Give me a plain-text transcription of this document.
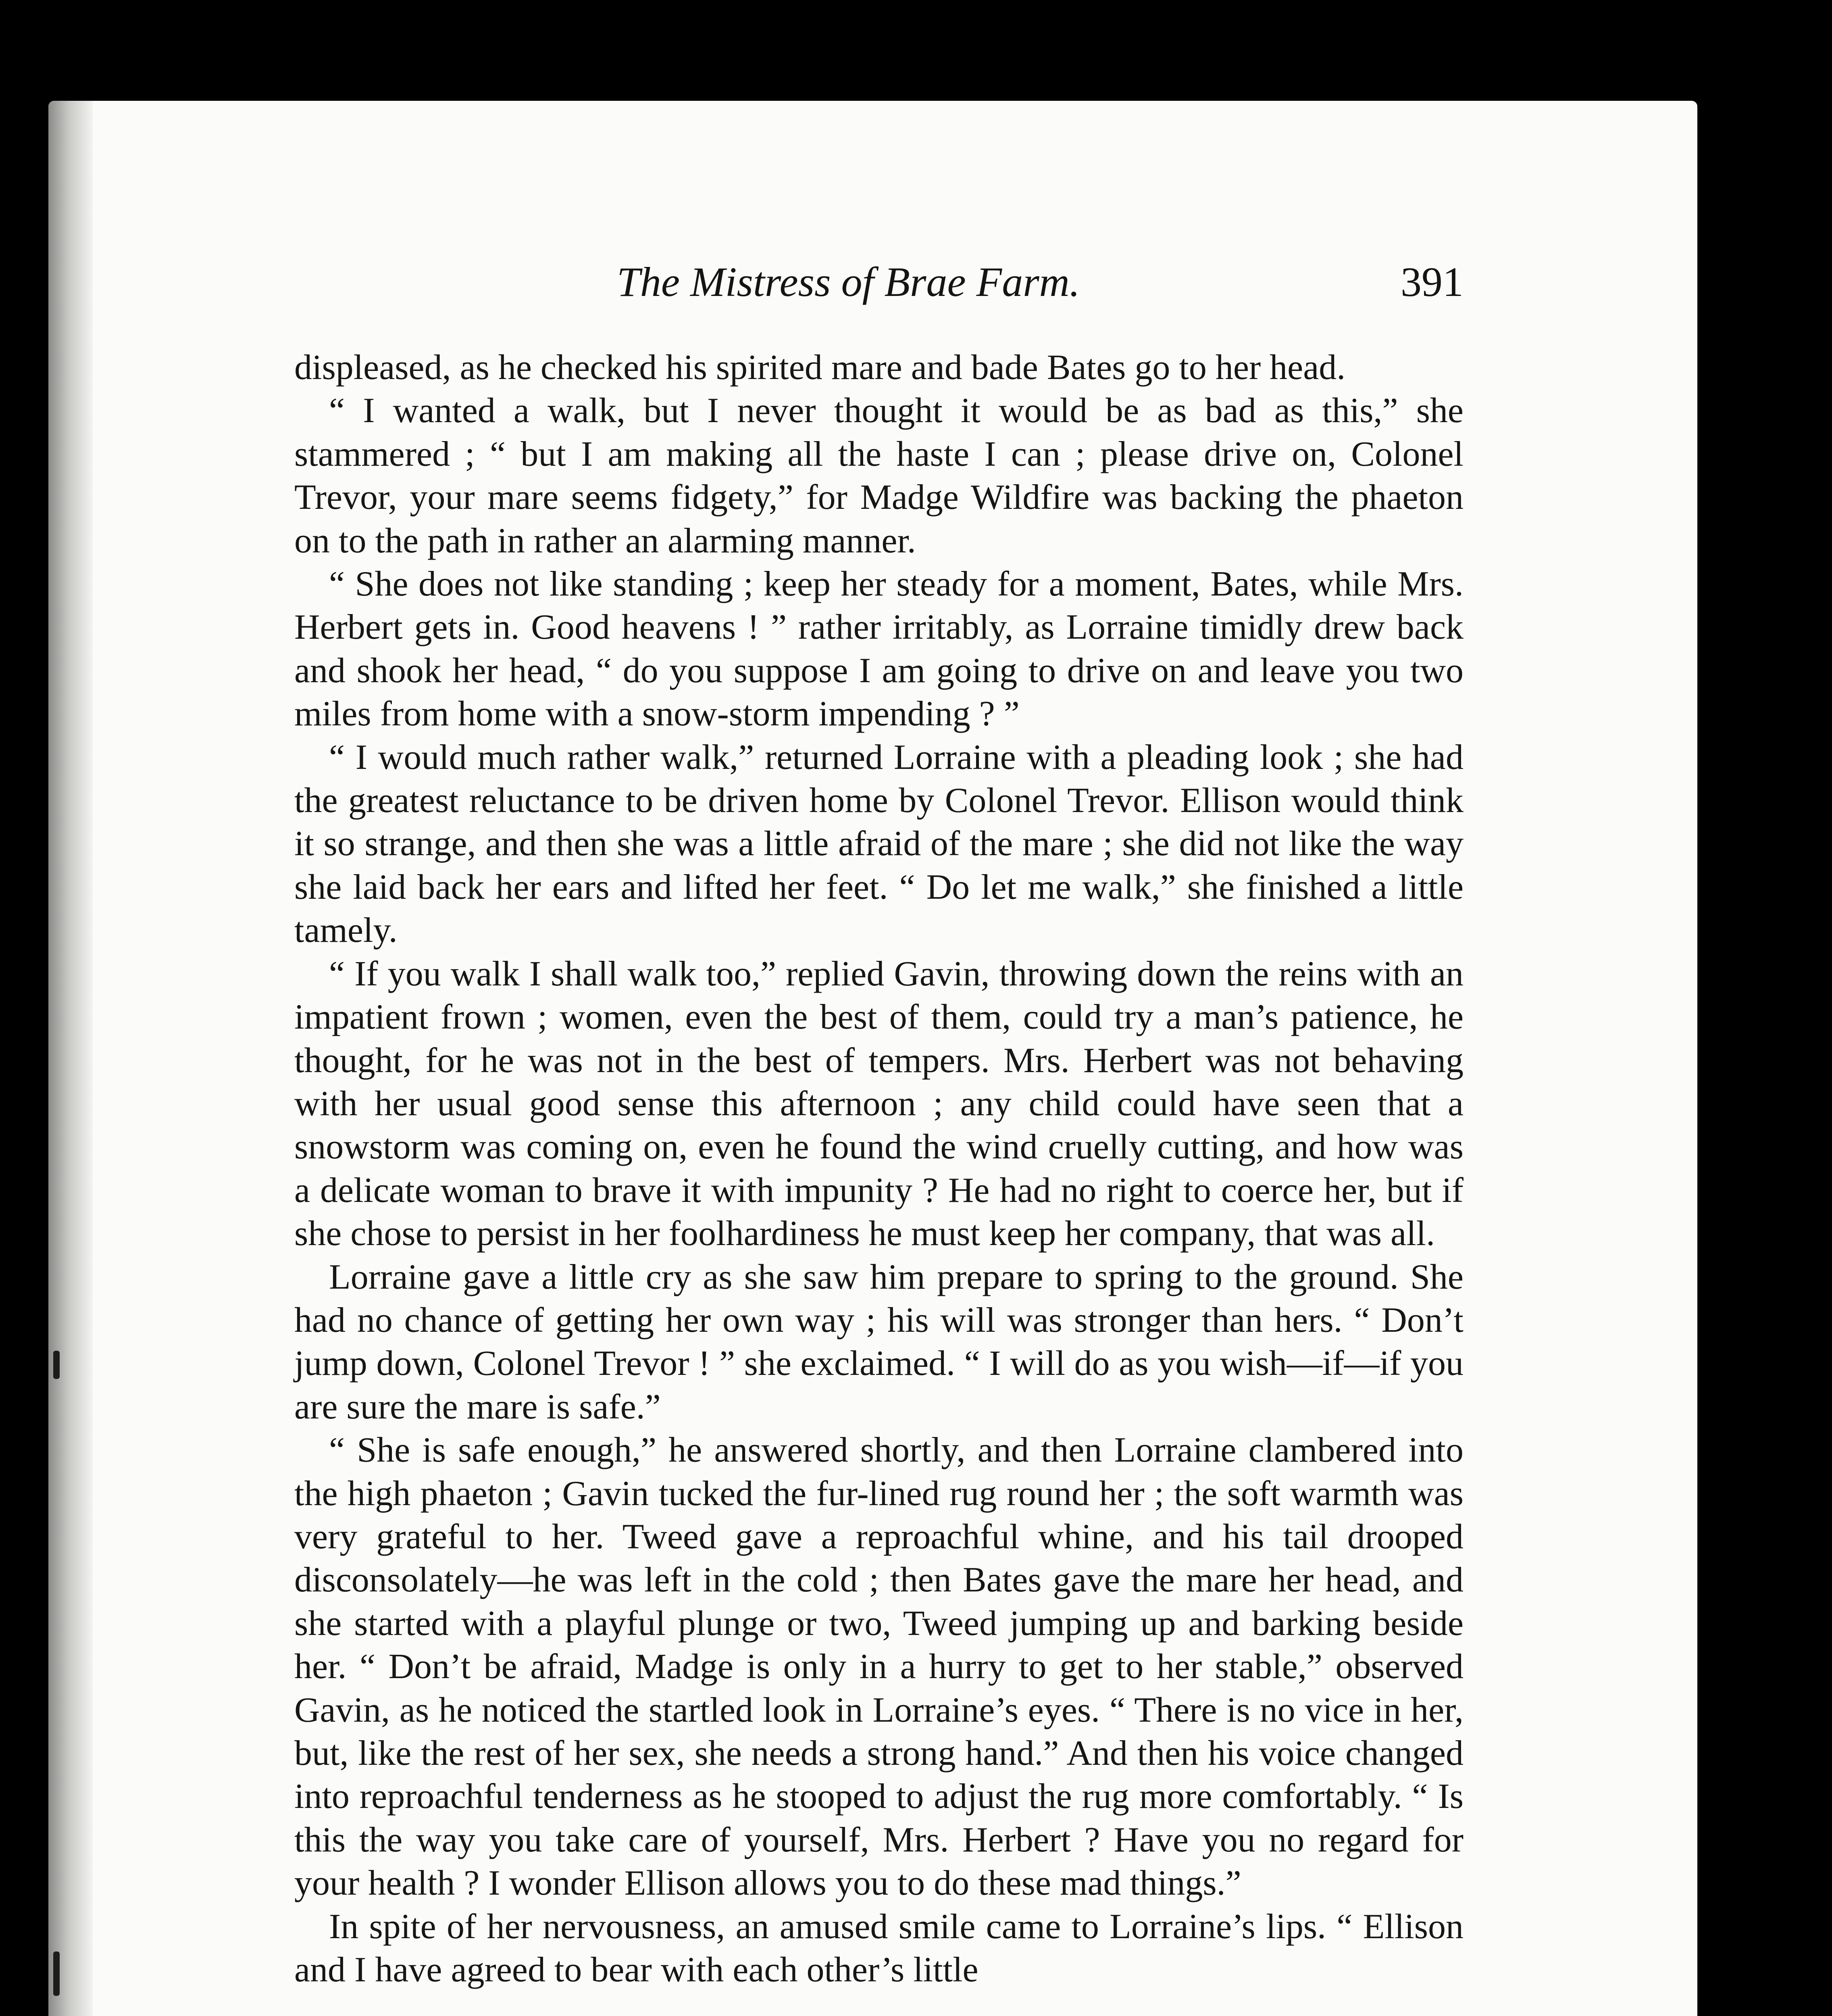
The Mistress of Brae Farm.	391

displeased, as he checked his spirited mare and bade Bates go to her head.

“ I wanted a walk, but I never thought it would be as bad as this,” she stammered ; “ but I am making all the haste I can ; please drive on, Colonel Trevor, your mare seems fidgety,” for Madge Wildfire was backing the phaeton on to the path in rather an alarming manner.

“ She does not like standing ; keep her steady for a moment, Bates, while Mrs. Herbert gets in. Good heavens ! ” rather irritably, as Lorraine timidly drew back and shook her head, “ do you suppose I am going to drive on and leave you two miles from home with a snow-storm impending ? ”

“ I would much rather walk,” returned Lorraine with a pleading look ; she had the greatest reluctance to be driven home by Colonel Trevor. Ellison would think it so strange, and then she was a little afraid of the mare ; she did not like the way she laid back her ears and lifted her feet. “ Do let me walk,” she finished a little tamely.

“ If you walk I shall walk too,” replied Gavin, throwing down the reins with an impatient frown ; women, even the best of them, could try a man’s patience, he thought, for he was not in the best of tempers. Mrs. Herbert was not behaving with her usual good sense this afternoon ; any child could have seen that a snowstorm was coming on, even he found the wind cruelly cutting, and how was a delicate woman to brave it with impunity ? He had no right to coerce her, but if she chose to persist in her foolhardiness he must keep her company, that was all.

Lorraine gave a little cry as she saw him prepare to spring to the ground. She had no chance of getting her own way ; his will was stronger than hers. “ Don’t jump down, Colonel Trevor ! ” she exclaimed. “ I will do as you wish—if—if you are sure the mare is safe.”

“ She is safe enough,” he answered shortly, and then Lorraine clambered into the high phaeton ; Gavin tucked the fur-lined rug round her ; the soft warmth was very grateful to her. Tweed gave a reproachful whine, and his tail drooped disconsolately—he was left in the cold ; then Bates gave the mare her head, and she started with a playful plunge or two, Tweed jumping up and barking beside her. “ Don’t be afraid, Madge is only in a hurry to get to her stable,” observed Gavin, as he noticed the startled look in Lorraine’s eyes. “ There is no vice in her, but, like the rest of her sex, she needs a strong hand.” And then his voice changed into reproachful tenderness as he stooped to adjust the rug more comfortably. “ Is this the way you take care of yourself, Mrs. Herbert ? Have you no regard for your health ? I wonder Ellison allows you to do these mad things.”

In spite of her nervousness, an amused smile came to Lorraine’s lips. “ Ellison and I have agreed to bear with each other’s little
